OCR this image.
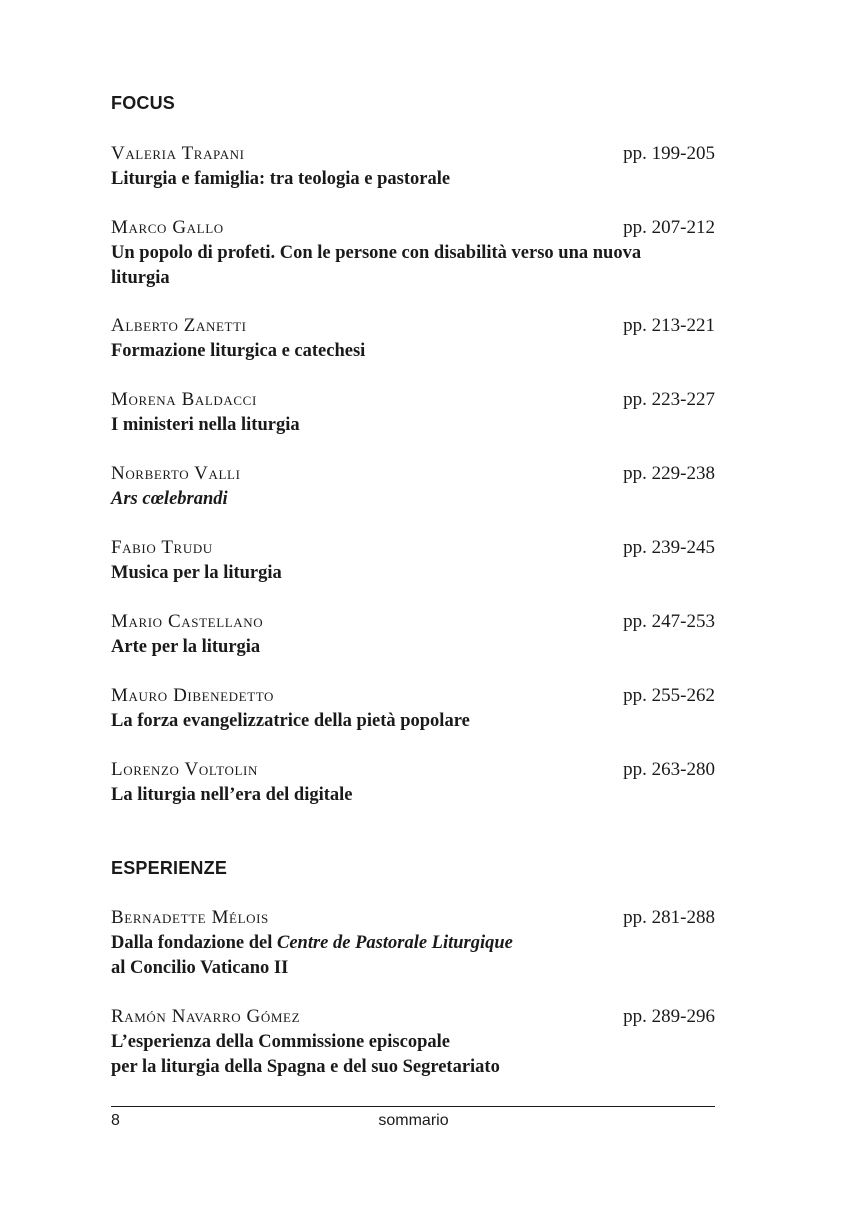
FOCUS
Valeria Trapani	pp. 199-205
Liturgia e famiglia: tra teologia e pastorale
Marco Gallo	pp. 207-212
Un popolo di profeti. Con le persone con disabilità verso una nuova
liturgia
Alberto Zanetti	pp. 213-221
Formazione liturgica e catechesi
Morena Baldacci	pp. 223-227
I ministeri nella liturgia
Norberto Valli	pp. 229-238
Ars cœlebrandi
Fabio Trudu	pp. 239-245
Musica per la liturgia
Mario Castellano	pp. 247-253
Arte per la liturgia
Mauro Dibenedetto	pp. 255-262
La forza evangelizzatrice della pietà popolare
Lorenzo Voltolin	pp. 263-280
La liturgia nell’era del digitale
ESPERIENZE
Bernadette Mélois	pp. 281-288
Dalla fondazione del Centre de Pastorale Liturgique
al Concilio Vaticano II
Ramón Navarro Gómez	pp. 289-296
L’esperienza della Commissione episcopale
per la liturgia della Spagna e del suo Segretariato
8	sommario
